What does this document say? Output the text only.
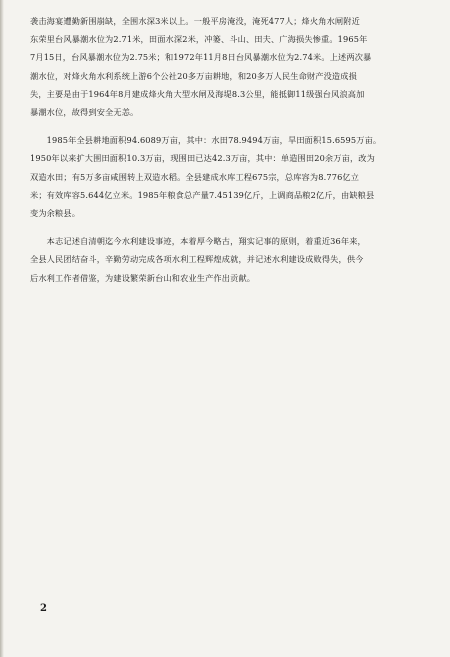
袭击海宴遭勤新围崩缺，全围水深3米以上。一般平房淹没，淹死477人；烽火角水闸附近
东荣里台风暴潮水位为2.71米，田面水深2米，冲篓、斗山、田夫、广海损失惨重。1965年
7月15日，台风暴潮水位为2.75米；和1972年11月8日台风暴潮水位为2.74米。上述两次暴
潮水位，对烽火角水利系统上游6个公社20多万亩耕地，和20多万人民生命财产没造成损
失，主要是由于1964年8月建成烽火角大型水闸及海堤8.3公里，能抵御11级强台风浪高加
暴潮水位，故得到安全无恙。
　　1985年全县耕地面积94.6089万亩，其中：水田78.9494万亩，旱田面积15.6595万亩。
1950年以来扩大围田面积10.3万亩，现围田已达42.3万亩，其中：单造围田20余万亩，改为
双造水田；有5万多亩咸围转上双造水稻。全县建成水库工程675宗，总库容为8.776亿立
米；有效库容5.644亿立米。1985年粮食总产量7.45139亿斤，上调商品粮2亿斤，由缺粮县
变为余粮县。
　　本志记述自清朝迄今水利建设事迹，本着厚今略古，翔实记事的原则，着重近36年来，
全县人民团结奋斗，辛勤劳动完成各项水利工程辉煌成就，并记述水利建设成败得失，供今
后水利工作者借鉴，为建设繁荣新台山和农业生产作出贡献。
2
